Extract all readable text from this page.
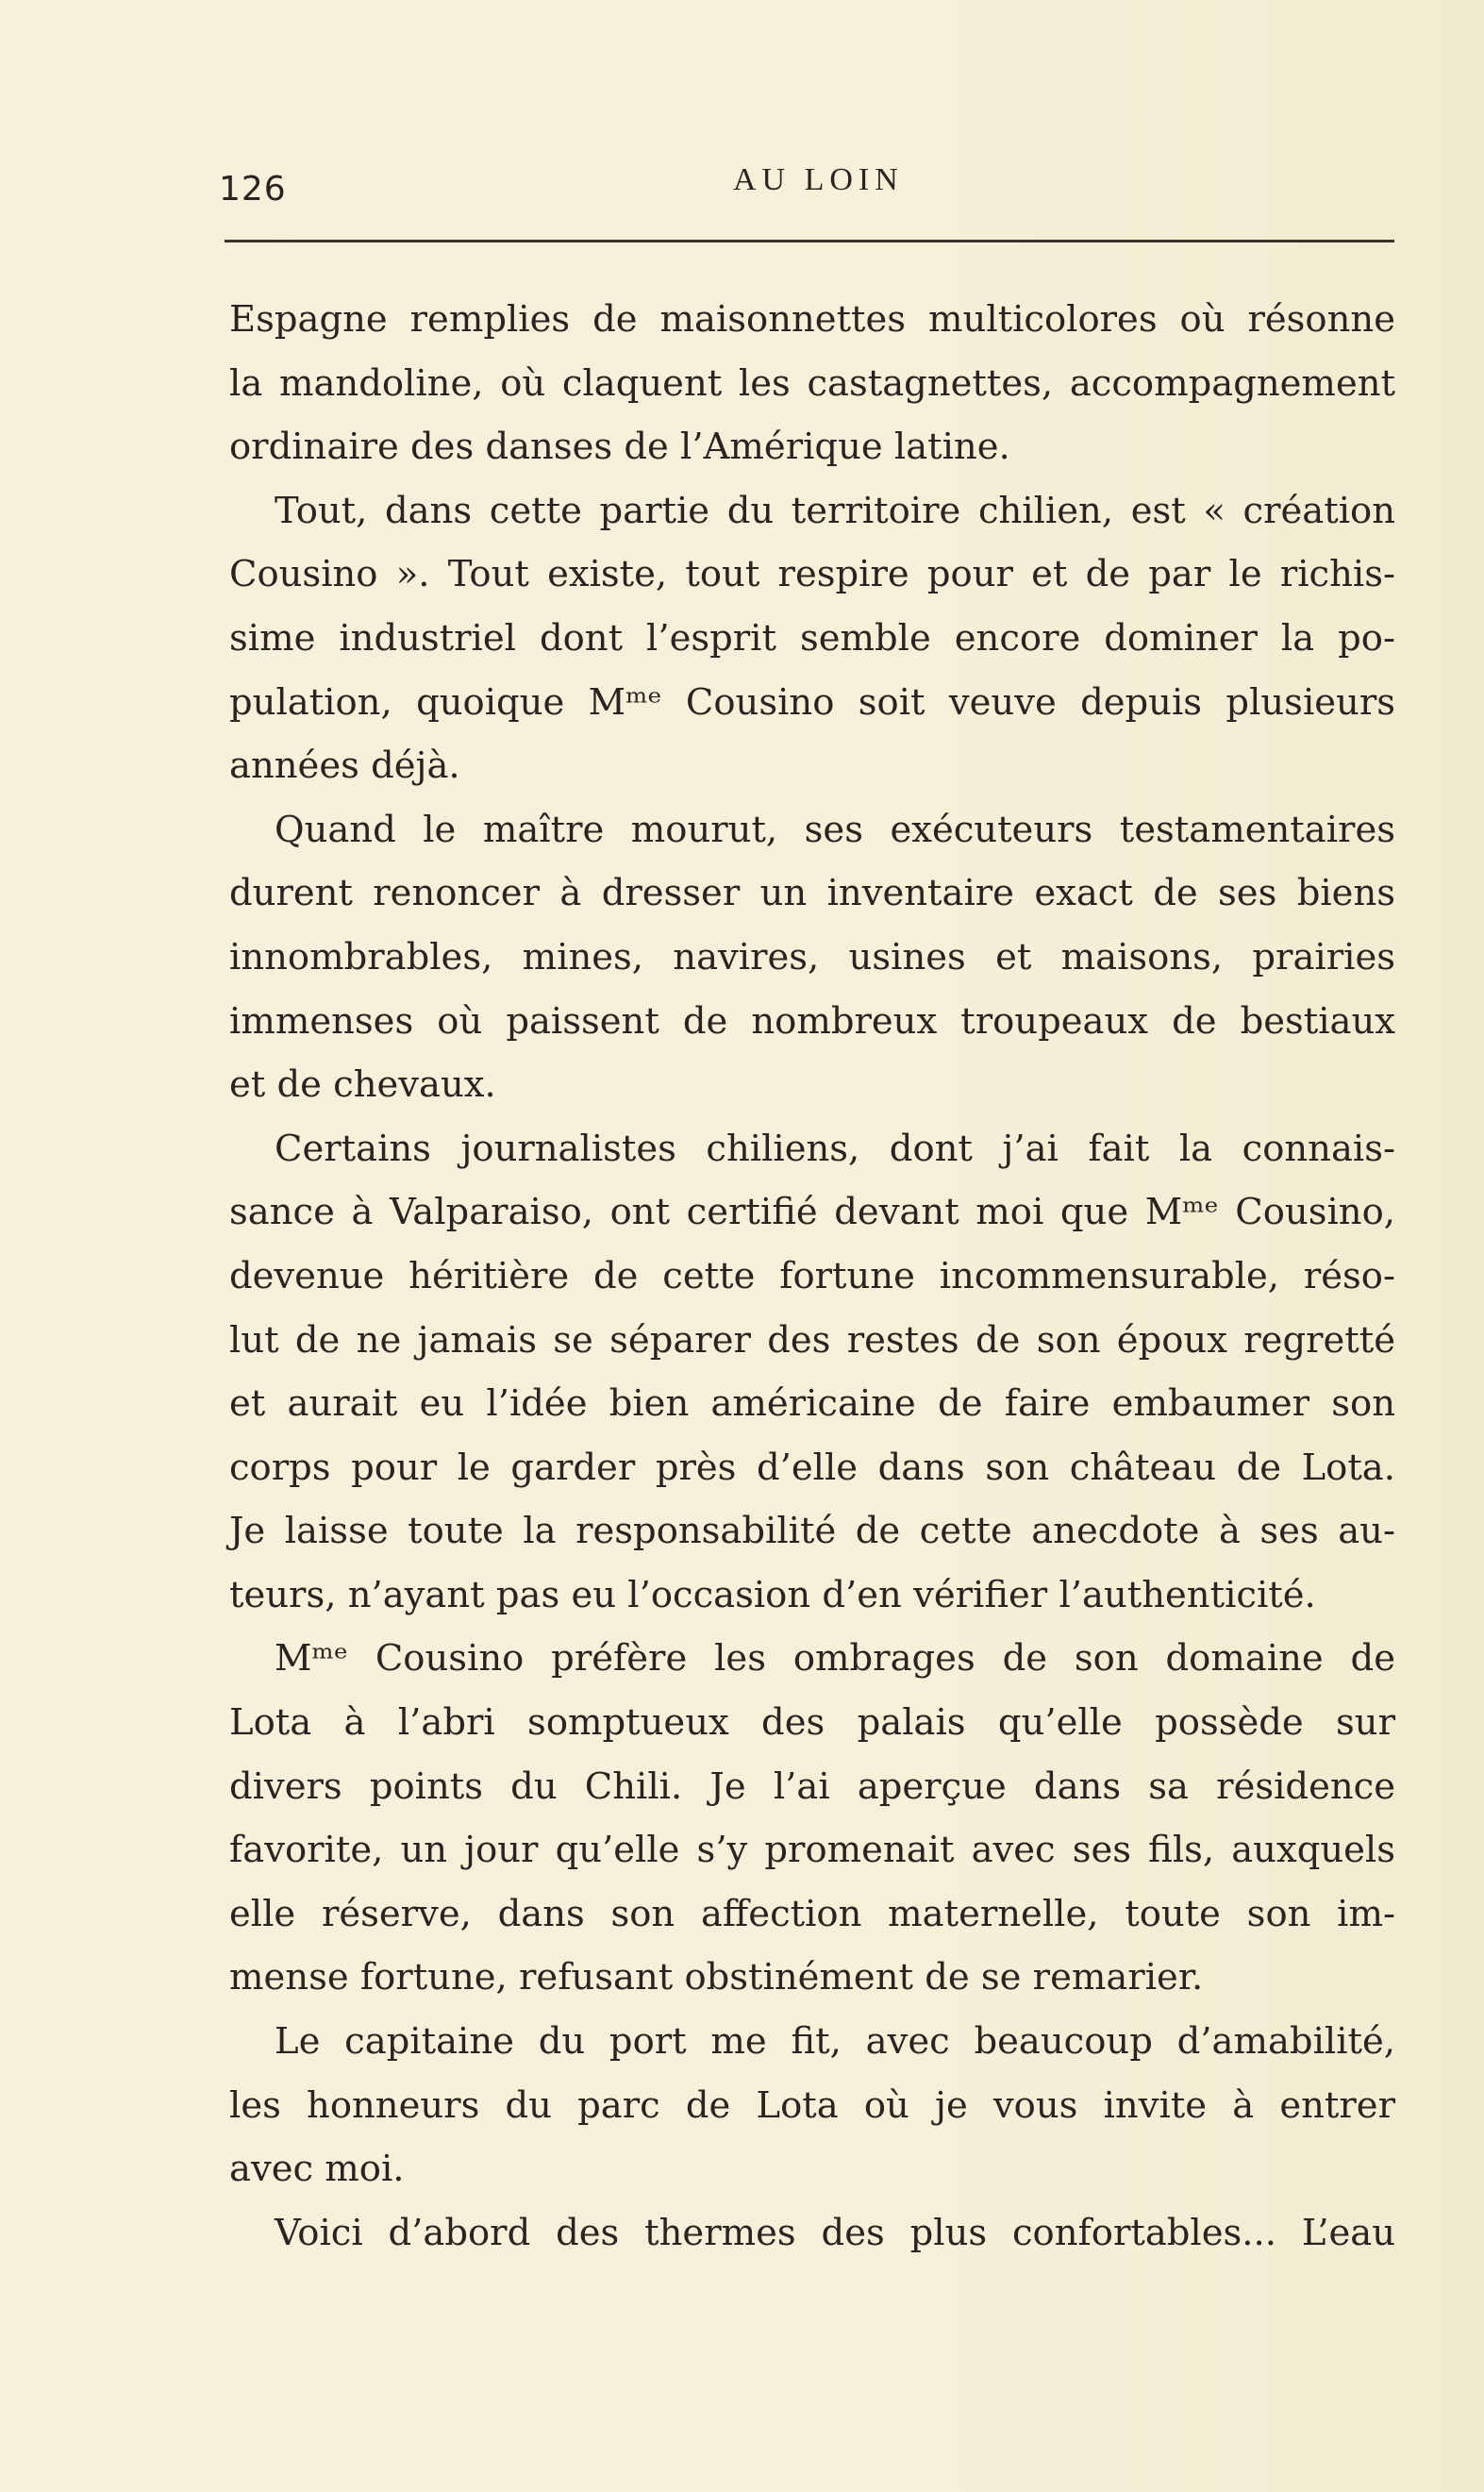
126	AU LOIN
Espagne remplies de maisonnettes multicolores où résonne
la mandoline, où claquent les castagnettes, accompagnement
ordinaire des danses de l’Amérique latine.
Tout, dans cette partie du territoire chilien, est « création
Cousino ». Tout existe, tout respire pour et de par le richis-
sime industriel dont l’esprit semble encore dominer la po-
pulation, quoique Mᵐᵉ Cousino soit veuve depuis plusieurs
années déjà.
Quand le maître mourut, ses exécuteurs testamentaires
durent renoncer à dresser un inventaire exact de ses biens
innombrables, mines, navires, usines et maisons, prairies
immenses où paissent de nombreux troupeaux de bestiaux
et de chevaux.
Certains journalistes chiliens, dont j’ai fait la connais-
sance à Valparaiso, ont certifié devant moi que Mᵐᵉ Cousino,
devenue héritière de cette fortune incommensurable, réso-
lut de ne jamais se séparer des restes de son époux regretté
et aurait eu l’idée bien américaine de faire embaumer son
corps pour le garder près d’elle dans son château de Lota.
Je laisse toute la responsabilité de cette anecdote à ses au-
teurs, n’ayant pas eu l’occasion d’en vérifier l’authenticité.
Mᵐᵉ Cousino préfère les ombrages de son domaine de
Lota à l’abri somptueux des palais qu’elle possède sur
divers points du Chili. Je l’ai aperçue dans sa résidence
favorite, un jour qu’elle s’y promenait avec ses fils, auxquels
elle réserve, dans son affection maternelle, toute son im-
mense fortune, refusant obstinément de se remarier.
Le capitaine du port me fit, avec beaucoup d’amabilité,
les honneurs du parc de Lota où je vous invite à entrer
avec moi.
Voici d’abord des thermes des plus confortables... L’eau
